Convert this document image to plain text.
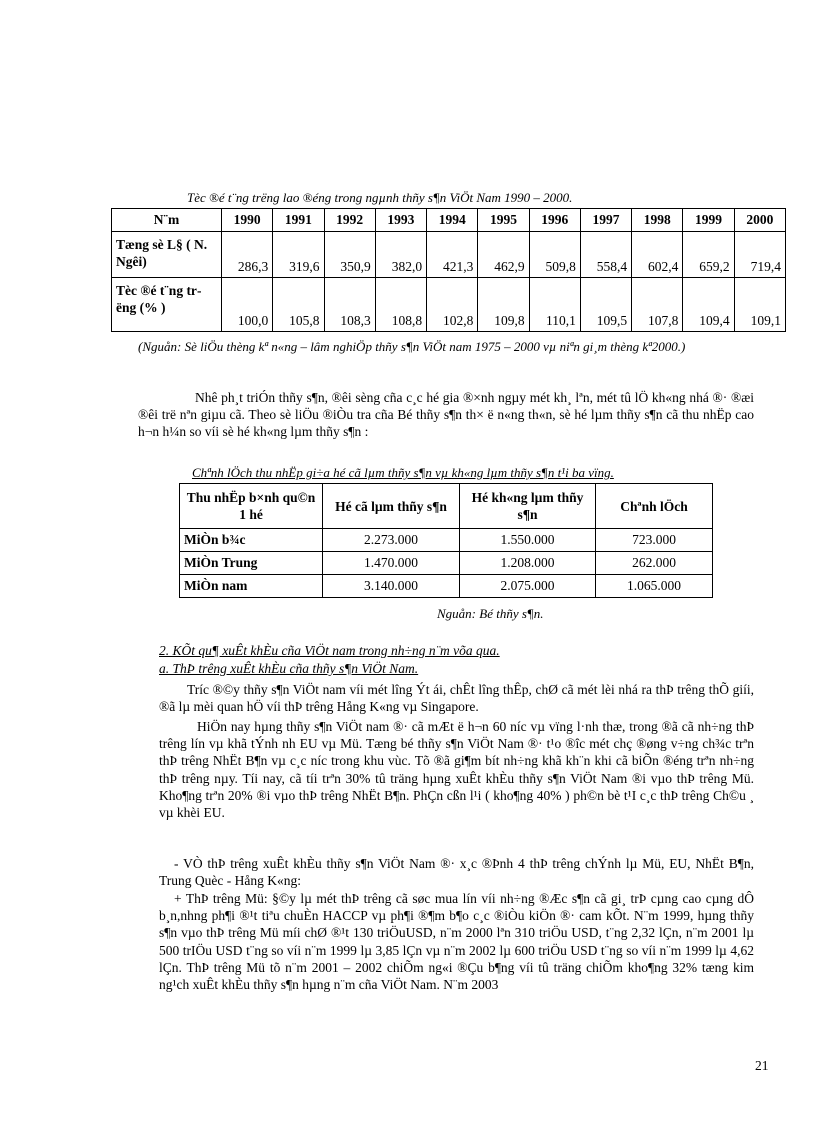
Tèc ®é t¨ng trëng lao ®éng trong ngµnh thñy s¶n ViÖt Nam 1990 – 2000.
N¨m	1990	1991	1992	1993	1994	1995	1996	1997	1998	1999	2000
Tæng sè L§ ( N. Ngêi)	286,3	319,6	350,9	382,0	421,3	462,9	509,8	558,4	602,4	659,2	719,4
Tèc ®é t¨ng tr ëng (% )	100,0	105,8	108,3	108,8	102,8	109,8	110,1	109,5	107,8	109,4	109,1
(Nguån: Sè liÖu thèng kª n«ng – lâm nghiÖp thñy s¶n ViÖt nam 1975 – 2000 vµ niªn gi¸m thèng kª2000.)
Nhê ph¸t triÓn thñy s¶n, ®êi sèng cña c¸c hé gia ®×nh ngµy mét kh¸ lªn, mét tû lÖ kh«ng nhá ®· ®æi ®êi trë nªn giµu cã. Theo sè liÖu ®iÒu tra cña Bé thñy s¶n th× ë n«ng th«n, sè hé lµm thñy s¶n cã thu nhËp cao h¬n h¼n so víi sè hé kh«ng lµm thñy s¶n :
Chªnh lÖch thu nhËp gi÷a hé cã lµm thñy s¶n vµ kh«ng lµm thñy s¶n t¹i ba vïng.
Thu nhËp b×nh qu©n 1 hé	Hé cã lµm thñy s¶n	Hé kh«ng lµm thñy s¶n	Chªnh lÖch
MiÒn b¾c	2.273.000	1.550.000	723.000
MiÒn Trung	1.470.000	1.208.000	262.000
MiÒn nam	3.140.000	2.075.000	1.065.000
Nguån: Bé thñy s¶n.
2. KÕt qu¶ xuÊt khÈu cña ViÖt nam trong nh÷ng n¨m võa qua.
a. ThÞ trêng xuÊt khÈu cña thñy s¶n ViÖt Nam.
Tríc ®©y thñy s¶n ViÖt nam víi mét lîng Ýt ái, chÊt lîng thÊp, chØ cã mét lèi nhá ra thÞ trêng thÕ giíi, ®ã lµ mèi quan hÖ víi thÞ trêng Hång K«ng vµ Singapore.
HiÖn nay hµng thñy s¶n ViÖt nam ®· cã mÆt ë h¬n 60 níc vµ vïng l·nh thæ, trong ®ã cã nh÷ng thÞ trêng lín vµ khã tÝnh nh EU vµ Mü. Tæng bé thñy s¶n ViÖt Nam ®· t¹o ®îc mét chç ®øng v÷ng ch¾c trªn thÞ trêng NhËt B¶n vµ c¸c níc trong khu vùc. Tõ ®ã gi¶m bít nh÷ng khã kh¨n khi cã biÕn ®éng trªn nh÷ng thÞ trêng nµy. Tíi nay, cã tíi trªn 30% tû träng hµng xuÊt khÈu thñy s¶n ViÖt Nam ®i vµo thÞ trêng Mü. Kho¶ng trªn 20% ®i vµo thÞ trêng NhËt B¶n. PhÇn cßn l¹i ( kho¶ng 40% ) ph©n bè t¹I c¸c thÞ trêng Ch©u ¸ vµ khèi EU.
- VÒ thÞ trêng xuÊt khÈu thñy s¶n ViÖt Nam ®· x¸c ®Þnh 4 thÞ trêng chÝnh lµ Mü, EU, NhËt B¶n, Trung Quèc - Hång K«ng:
+ ThÞ trêng Mü: §©y lµ mét thÞ trêng cã søc mua lín víi nh÷ng ®Æc s¶n cã gi¸ trÞ cµng cao cµng dÔ b¸n,nhng ph¶i ®¹t tiªu chuÈn HACCP vµ ph¶i ®¶m b¶o c¸c ®iÒu kiÖn ®· cam kÕt. N¨m 1999, hµng thñy s¶n vµo thÞ trêng Mü míi chØ ®¹t 130 triÖuUSD, n¨m 2000 lªn 310 triÖu USD, t¨ng 2,32 lÇn, n¨m 2001 lµ 500 trIÖu USD t¨ng so víi n¨m 1999 lµ 3,85 lÇn vµ n¨m 2002 lµ 600 triÖu USD t¨ng so víi n¨m 1999 lµ 4,62 lÇn. ThÞ trêng Mü tõ n¨m 2001 – 2002 chiÕm ng«i ®Çu b¶ng víi tû träng chiÕm kho¶ng 32% tæng kim ng¹ch xuÊt khÈu thñy s¶n hµng n¨m cña ViÖt Nam. N¨m 2003
21
